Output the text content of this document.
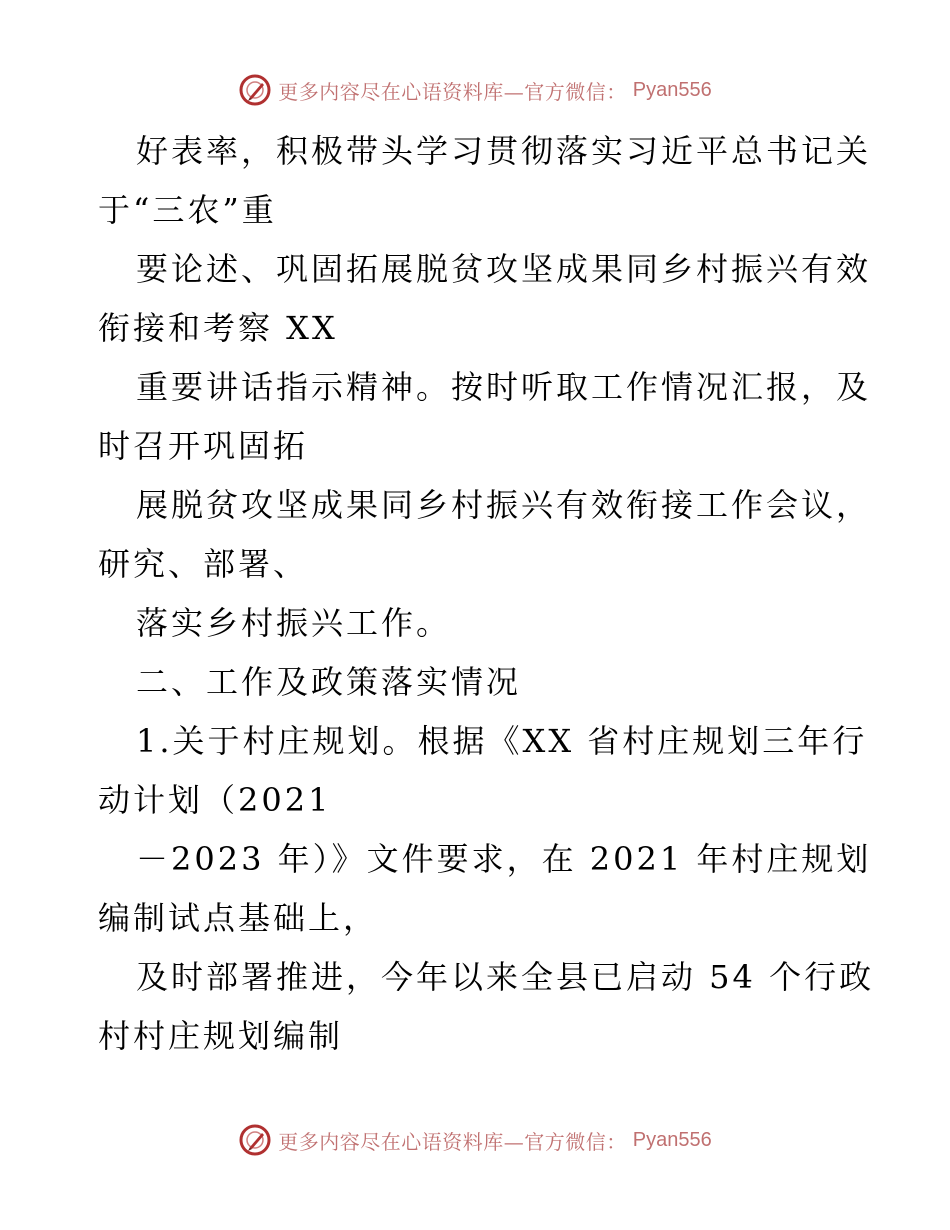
更多内容尽在心语资料库—官方微信： Pyan556
好表率，积极带头学习贯彻落实习近平总书记关
于“三农”重
要论述、巩固拓展脱贫攻坚成果同乡村振兴有效
衔接和考察 XX
重要讲话指示精神。按时听取工作情况汇报，及
时召开巩固拓
展脱贫攻坚成果同乡村振兴有效衔接工作会议，
研究、部署、
落实乡村振兴工作。
二、工作及政策落实情况
1.关于村庄规划。根据《XX 省村庄规划三年行
动计划（2021
－2023 年）》文件要求，在 2021 年村庄规划
编制试点基础上，
及时部署推进，今年以来全县已启动 54 个行政
村村庄规划编制
更多内容尽在心语资料库—官方微信： Pyan556
